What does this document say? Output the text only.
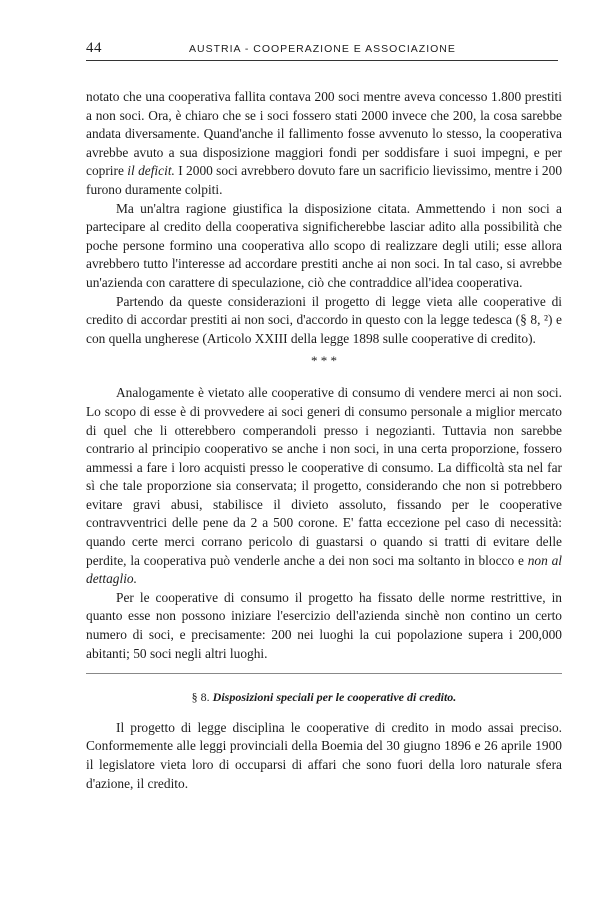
44	AUSTRIA - COOPERAZIONE E ASSOCIAZIONE

notato che una cooperativa fallita contava 200 soci mentre aveva concesso 1.800 prestiti a non soci. Ora, è chiaro che se i soci fossero stati 2000 invece che 200, la cosa sarebbe andata diversamente. Quand'anche il fallimento fosse avvenuto lo stesso, la cooperativa avrebbe avuto a sua disposizione maggiori fondi per soddisfare i suoi impegni, e per coprire il deficit. I 2000 soci avrebbero dovuto fare un sacrificio lievissimo, mentre i 200 furono duramente colpiti.

Ma un'altra ragione giustifica la disposizione citata. Ammettendo i non soci a partecipare al credito della cooperativa significherebbe lasciar adito alla possibilità che poche persone formino una cooperativa allo scopo di realizzare degli utili; esse allora avrebbero tutto l'interesse ad accordare prestiti anche ai non soci. In tal caso, si avrebbe un'azienda con carattere di speculazione, ciò che contraddice all'idea cooperativa.

Partendo da queste considerazioni il progetto di legge vieta alle cooperative di credito di accordar prestiti ai non soci, d'accordo in questo con la legge tedesca (§ 8, ²) e con quella ungherese (Articolo XXIII della legge 1898 sulle cooperative di credito).

* * *

Analogamente è vietato alle cooperative di consumo di vendere merci ai non soci. Lo scopo di esse è di provvedere ai soci generi di consumo personale a miglior mercato di quel che li otterebbero comperandoli presso i negozianti. Tuttavia non sarebbe contrario al principio cooperativo se anche i non soci, in una certa proporzione, fossero ammessi a fare i loro acquisti presso le cooperative di consumo. La difficoltà sta nel far sì che tale proporzione sia conservata; il progetto, considerando che non si potrebbero evitare gravi abusi, stabilisce il divieto assoluto, fissando per le cooperative contravventrici delle pene da 2 a 500 corone. E' fatta eccezione pel caso di necessità: quando certe merci corrano pericolo di guastarsi o quando si tratti di evitare delle perdite, la cooperativa può venderle anche a dei non soci ma soltanto in blocco e non al dettaglio.

Per le cooperative di consumo il progetto ha fissato delle norme restrittive, in quanto esse non possono iniziare l'esercizio dell'azienda sinchè non contino un certo numero di soci, e precisamente: 200 nei luoghi la cui popolazione supera i 200,000 abitanti; 50 soci negli altri luoghi.

§ 8. Disposizioni speciali per le cooperative di credito.

Il progetto di legge disciplina le cooperative di credito in modo assai preciso. Conformemente alle leggi provinciali della Boemia del 30 giugno 1896 e 26 aprile 1900 il legislatore vieta loro di occuparsi di affari che sono fuori della loro naturale sfera d'azione, il credito.
